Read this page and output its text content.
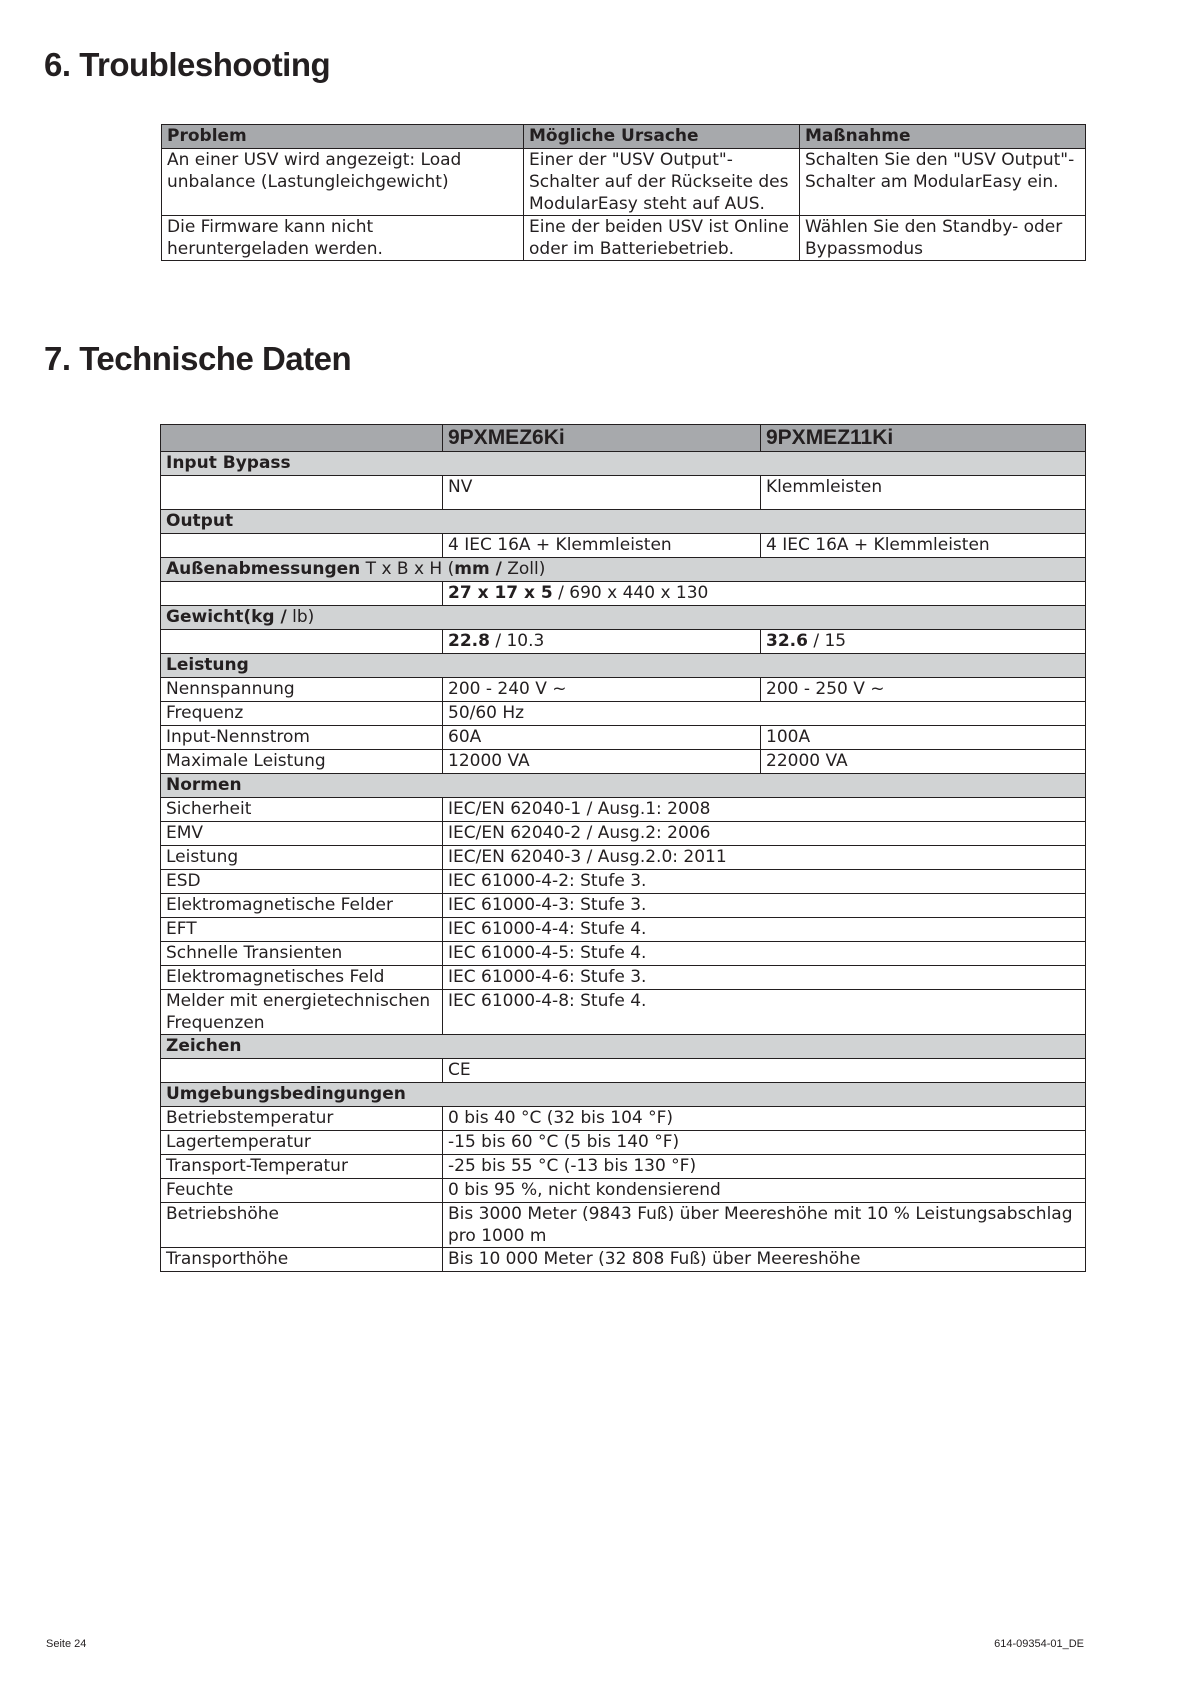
6. Troubleshooting
Problem	Mögliche Ursache	Maßnahme
An einer USV wird angezeigt: Load unbalance (Lastungleichgewicht)	Einer der "USV Output"-Schalter auf der Rückseite des ModularEasy steht auf AUS.	Schalten Sie den "USV Output"-Schalter am ModularEasy ein.
Die Firmware kann nicht heruntergeladen werden.	Eine der beiden USV ist Online oder im Batteriebetrieb.	Wählen Sie den Standby- oder Bypassmodus
7. Technische Daten
	9PXMEZ6Ki	9PXMEZ11Ki
Input Bypass		
	NV	Klemmleisten
Output		
	4 IEC 16A + Klemmleisten	4 IEC 16A + Klemmleisten
Außenabmessungen T x B x H (mm / Zoll)		
	27 x 17 x 5 / 690 x 440 x 130	
Gewicht(kg / lb)		
	22.8 / 10.3	32.6 / 15
Leistung		
Nennspannung	200 - 240 V ~	200 - 250 V ~
Frequenz	50/60 Hz	
Input-Nennstrom	60A	100A
Maximale Leistung	12000 VA	22000 VA
Normen		
Sicherheit	IEC/EN 62040-1 / Ausg.1: 2008	
EMV	IEC/EN 62040-2 / Ausg.2: 2006	
Leistung	IEC/EN 62040-3 / Ausg.2.0: 2011	
ESD	IEC 61000-4-2: Stufe 3.	
Elektromagnetische Felder	IEC 61000-4-3: Stufe 3.	
EFT	IEC 61000-4-4: Stufe 4.	
Schnelle Transienten	IEC 61000-4-5: Stufe 4.	
Elektromagnetisches Feld	IEC 61000-4-6: Stufe 3.	
Melder mit energietechnischen Frequenzen	IEC 61000-4-8: Stufe 4.	
Zeichen		
	CE	
Umgebungsbedingungen		
Betriebstemperatur	0 bis 40 °C (32 bis 104 °F)	
Lagertemperatur	-15 bis 60 °C (5 bis 140 °F)	
Transport-Temperatur	-25 bis 55 °C (-13 bis 130 °F)	
Feuchte	0 bis 95 %, nicht kondensierend	
Betriebshöhe	Bis 3000 Meter (9843 Fuß) über Meereshöhe mit 10 % Leistungsabschlag pro 1000 m	
Transporthöhe	Bis 10 000 Meter (32 808 Fuß) über Meereshöhe	
Seite 24	614-09354-01_DE
